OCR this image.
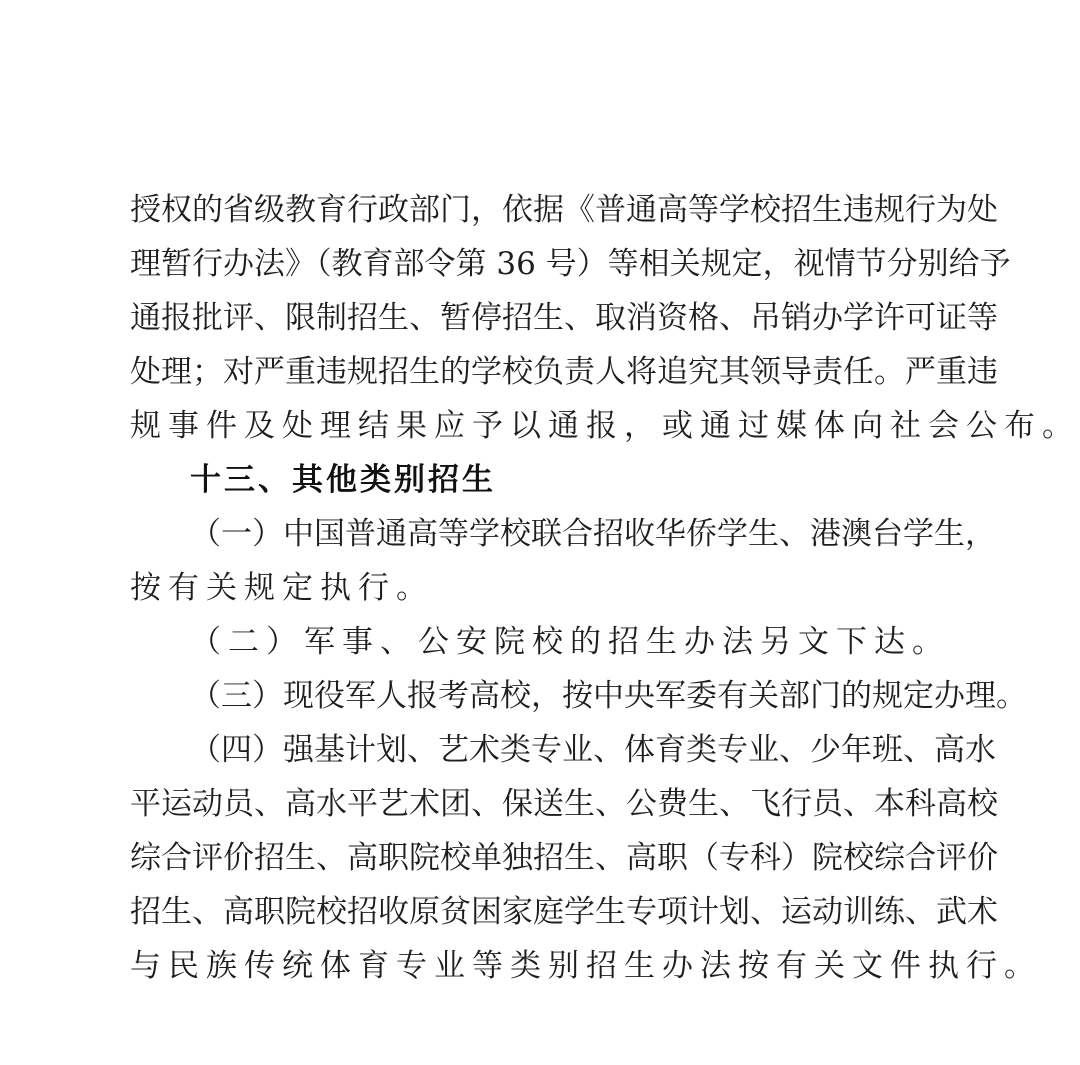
授权的省级教育行政部门，依据《普通高等学校招生违规行为处
理暂行办法》（教育部令第 36 号）等相关规定，视情节分别给予
通报批评、限制招生、暂停招生、取消资格、吊销办学许可证等
处理；对严重违规招生的学校负责人将追究其领导责任。严重违
规事件及处理结果应予以通报，或通过媒体向社会公布。
十三、其他类别招生
（一）中国普通高等学校联合招收华侨学生、港澳台学生，
按有关规定执行。
（二）军事、公安院校的招生办法另文下达。
（三）现役军人报考高校，按中央军委有关部门的规定办理。
（四）强基计划、艺术类专业、体育类专业、少年班、高水
平运动员、高水平艺术团、保送生、公费生、飞行员、本科高校
综合评价招生、高职院校单独招生、高职（专科）院校综合评价
招生、高职院校招收原贫困家庭学生专项计划、运动训练、武术
与民族传统体育专业等类别招生办法按有关文件执行。
